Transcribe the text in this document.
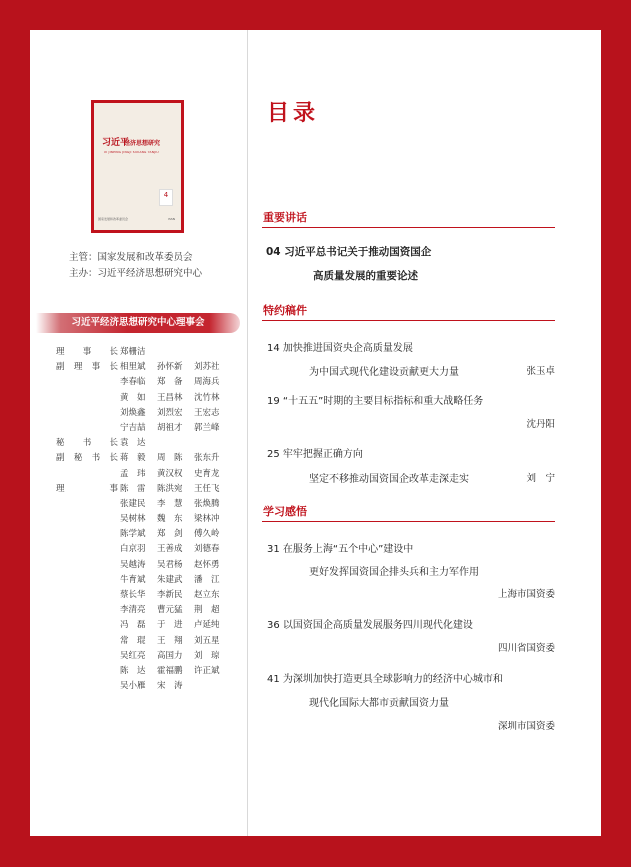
习近平
经济思想研究
XI JINPING JINGJI SIXIANG YANJIU
4
国家发展和改革委员会	ISSN
主管：国家发展和改革委员会
主办：习近平经济思想研究中心
习近平经济思想研究中心理事会
理事长 郑栅洁
副理事长 相里斌 孙怀新 刘苏社
李春临 郑　备 周海兵
黄　如 王昌林 沈竹林
刘焕鑫 刘烈宏 王宏志
宁吉喆 胡祖才 郭兰峰
秘书长 袁　达
副秘书长 蒋　毅 周　陈 张东升
孟　玮 黄汉权 史育龙
理事 陈　雷 陈洪宛 王任飞
张建民 李　慧 张焕腾
吴树林 魏　东 梁林冲
陈学斌 郑　剑 傅久岭
白京羽 王善成 刘德春
吴越涛 吴君杨 赵怀勇
牛育斌 朱建武 潘　江
蔡长华 李新民 赵立东
李清亮 曹元猛 荆　超
冯　磊 于　进 卢延纯
常　琨 王　翔 刘五星
吴红亮 高国力 刘　琼
陈　达 霍福鹏 许正斌
吴小雁 宋　涛
目录
重要讲话
04 习近平总书记关于推动国资国企
高质量发展的重要论述
特约稿件
14 加快推进国资央企高质量发展
为中国式现代化建设贡献更大力量	张玉卓
19 “十五五”时期的主要目标指标和重大战略任务
沈丹阳
25 牢牢把握正确方向
坚定不移推动国资国企改革走深走实	刘　宁
学习感悟
31 在服务上海“五个中心”建设中
更好发挥国资国企排头兵和主力军作用
上海市国资委
36 以国资国企高质量发展服务四川现代化建设
四川省国资委
41 为深圳加快打造更具全球影响力的经济中心城市和
现代化国际大都市贡献国资力量
深圳市国资委
